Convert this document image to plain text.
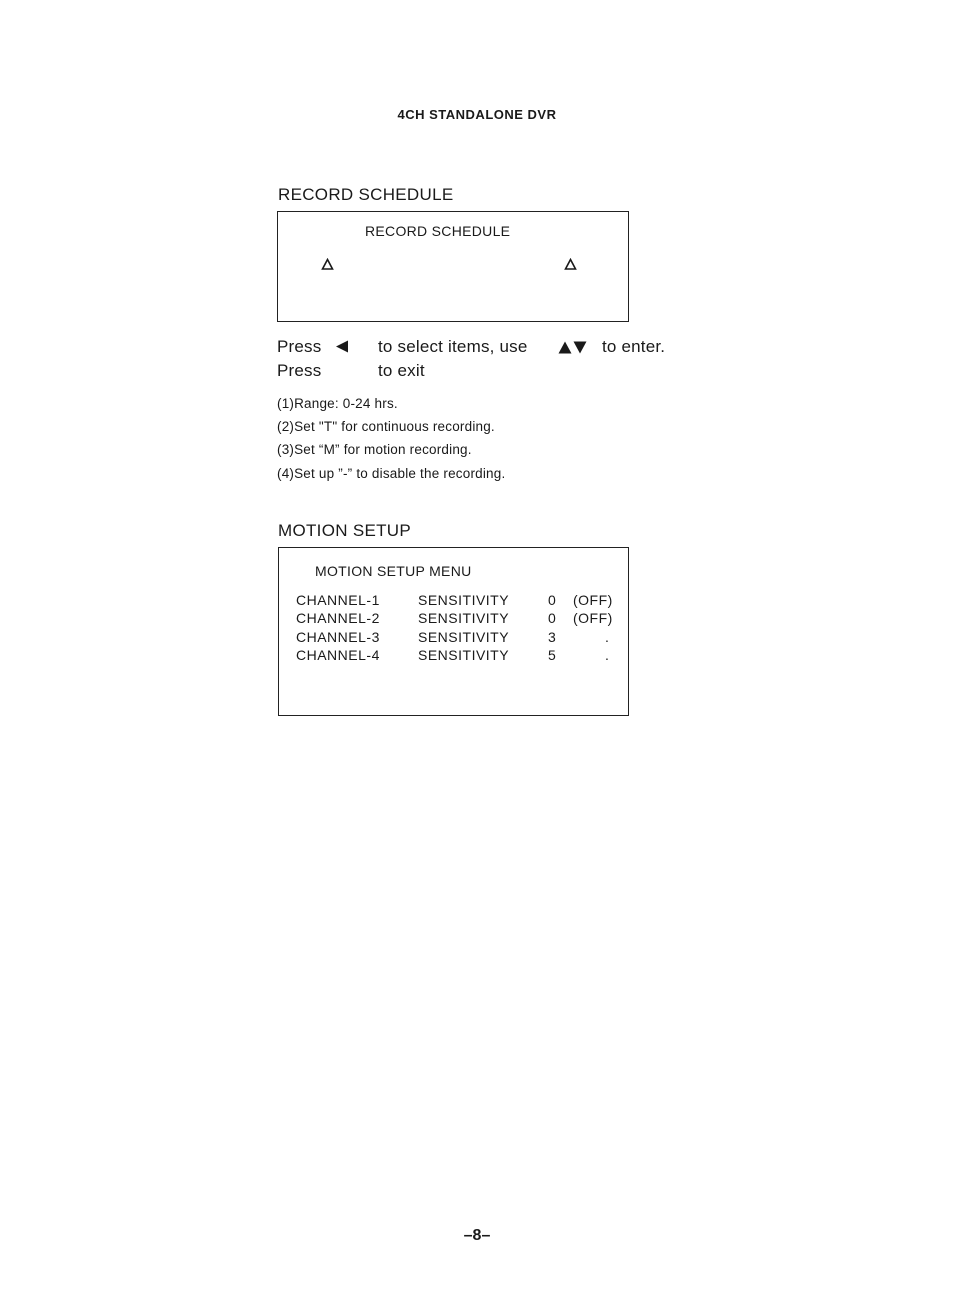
4CH STANDALONE DVR
RECORD SCHEDULE
RECORD SCHEDULE
Press	to select items, use	to enter.
Press	to exit
(1)Range: 0-24 hrs.
(2)Set "T" for continuous recording.
(3)Set “M” for motion recording.
(4)Set up ”-” to disable the recording.
MOTION SETUP
MOTION SETUP MENU
CHANNEL-1	SENSITIVITY	0 (OFF)
CHANNEL-2	SENSITIVITY	0 (OFF)
CHANNEL-3	SENSITIVITY	3	.
CHANNEL-4	SENSITIVITY	5	.
–8–
